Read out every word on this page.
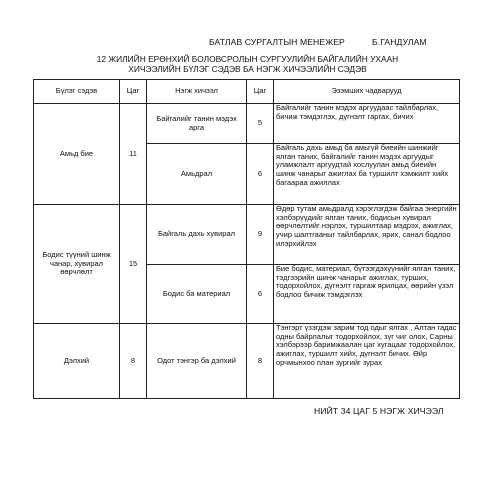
БАТЛАВ СУРГАЛТЫН МЕНЕЖЕР	Б.ГАНДУЛАМ
12 ЖИЛИЙН ЕРӨНХИЙ БОЛОВСРОЛЫН СУРГУУЛИЙН БАЙГАЛИЙН УХААН
ХИЧЭЭЛИЙН БҮЛЭГ СЭДЭВ БА НЭГЖ ХИЧЭЭЛИЙН СЭДЭВ
Бүлэг сэдэв	Цаг	Нэгж хичээл	Цаг	Эзэмших чадварууд
Амьд бие	11	Байгалийг танин мэдэх арга	5	Байгалийг танин мэдэх аргуудаас тайлбарлах, бичиж тэмдэглэх, дүгнэлт гаргах, бичих
		Амьдрал	6	Байгаль дахь амьд ба амьгүй биеийн шинжийг ялган таних, байгалийг танин мэдэх аргуудыг уламжлалт аргуудтай хослуулан амьд биеийн шинж чанарыг ажиглах ба туршилт хэмжилт хийх багаараа ажиллах
Бодис түүний шинж чанар, хувирал өөрчлөлт	15	Байгаль дахь хувирал	9	Өдөр тутам амьдралд хэрэглэгдэж байгаа энергийн хэлбэрүүдийг ялган таних, бодисын хувирал өөрчлөлтийг нэрлэх, туршилтаар мэдрэх, ажиглах, учир шалтгааныг тайлбарлах, ярих, санал бодлоо илэрхийлэх
		Бодис ба материал	6	Бие бодис, материал, бүтээгдэхүүнийг ялган таних, тэдгээрийн шинж чанарыг ажиглах, турших, тодорхойлох, дүгнэлт гаргаж ярилцах, өөрийн үзэл бодлоо бичиж тэмдэглэх
Дэлхий	8	Одот тэнгэр ба дэлхий	8	Тэнгэрт үзэгдэж зарим тод одыг ялгах , Алтан гадас одны байрлалыг тодорхойлох, зүг чиг олох, Сарны хэлбэрээр баримжаалан цаг хугацааг тодорхойлох, ажиглах, туршилт хийх, дүгнэлт бичих. Өйр орчмынхоо план зургийг зурах
НИЙТ 34 ЦАГ 5 НЭГЖ ХИЧЭЭЛ
